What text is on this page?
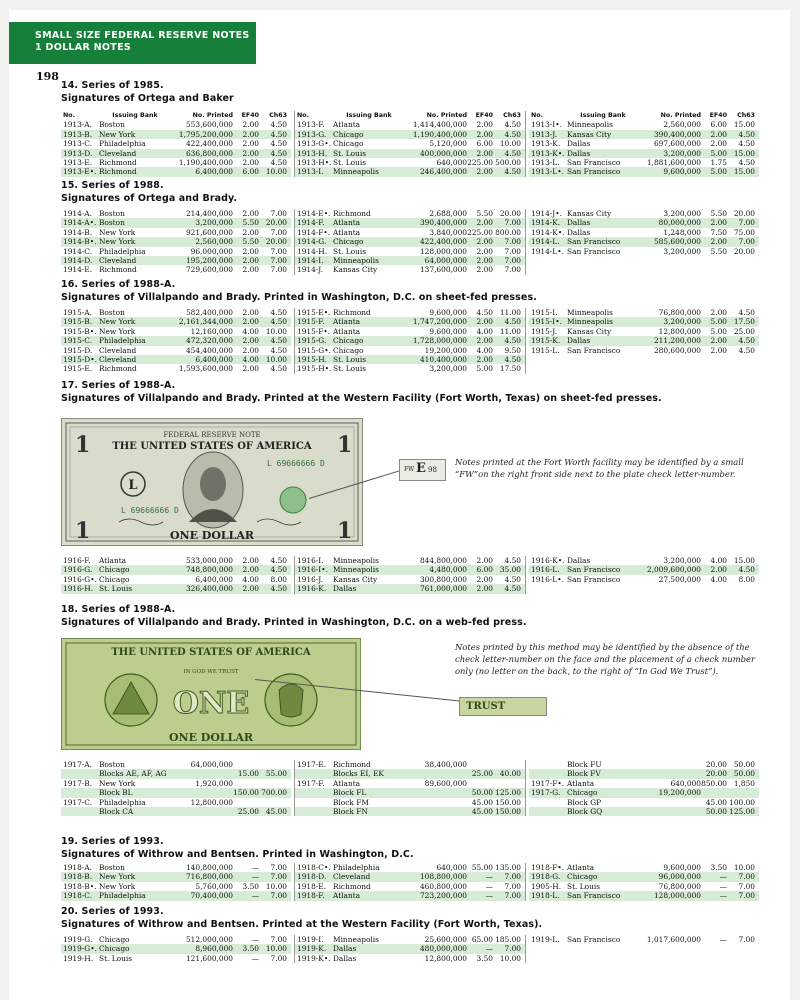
SMALL SIZE FEDERAL RESERVE NOTES
1 DOLLAR NOTES
198
14. Series of 1985.
Signatures of Ortega and Baker
No.	Issuing Bank	No. Printed	EF40	Ch63
1913-A. Boston	553,600,000	2.00	4.50
1913-B. New York	1,795,200,000	2.00	4.50
1913-C. Philadelphia	422,400,000	2.00	4.50
1913-D. Cleveland	636,800,000	2.00	4.50
1913-E. Richmond	1,190,400,000	2.00	4.50
1913-E•. Richmond	6,400,000	6.00 10.00
No.	Issuing Bank	No. Printed	EF40	Ch63
1913-F.	Atlanta	1,414,400,000	2.00	4.50
1913-G. Chicago	1,190,400,000	2.00	4.50
1913-G•. Chicago	5,120,000	6.00 10.00
1913-H. St. Louis	400,000,000	2.00	4.50
1913-H•. St. Louis	640,000 225.00 500.00
1913-I.	Minneapolis	246,400,000	2.00	4.50
No.	Issuing Bank	No. Printed	EF40	Ch63
1913-I•. Minneapolis	2,560,000	6.00 15.00
1913-J.	Kansas City	390,400,000	2.00	4.50
1913-K. Dallas	697,600,000	2.00	4.50
1913-K•. Dallas	3,200,000	5.00 15.00
1913-L.	San Francisco	1,881,600,000	1.75	4.50
1913-L•. San Francisco	9,600,000	5.00 15.00
15. Series of 1988.
Signatures of Ortega and Brady.
1914-A. Boston	214,400,000	2.00	7.00
1914-A•. Boston	3,200,000	5.50 20.00
1914-B. New York	921,600,000	2.00	7.00
1914-B•. New York	2,560,000	5.50 20.00
1914-C. Philadelphia	96,000,000	2.00	7.00
1914-D. Cleveland	195,200,000	2.00	7.00
1914-E. Richmond	729,600,000	2.00	7.00
1914-E•. Richmond	2,688,000	5.50 20.00
1914-F.	Atlanta	390,400,000	2.00	7.00
1914-F•. Atlanta	3,840,000 225.00 800.00
1914-G. Chicago	422,400,000	2.00	7.00
1914-H. St. Louis	128,000,000	2.00	7.00
1914-I.	Minneapolis	64,000,000	2.00	7.00
1914-J.	Kansas City	137,600,000	2.00	7.00
1914-J•. Kansas City	3,200,000	5.50 20.00
1914-K. Dallas	80,000,000	2.00	7.00
1914-K•. Dallas	1,248,000	7.50 75.00
1914-L.	San Francisco	585,600,000	2.00	7.00
1914-L•. San Francisco	3,200,000	5.50 20.00
16. Series of 1988-A.
Signatures of Villalpando and Brady. Printed in Washington, D.C. on sheet-fed presses.
1915-A. Boston	582,400,000	2.00	4.50
1915-B. New York	2,161,344,000	2.00	4.50
1915-B•. New York	12,160,000	4.00 10.00
1915-C. Philadelphia	472,320,000	2.00	4.50
1915-D. Cleveland	454,400,000	2.00	4.50
1915-D•. Cleveland	6,400,000	4.00 10.00
1915-E. Richmond	1,593,600,000	2.00	4.50
1915-E•. Richmond	9,600,000	4.50 11.00
1915-F.	Atlanta	1,747,200,000	2.00	4.50
1915-F•. Atlanta	9,600,000	4.00 11.00
1915-G. Chicago	1,728,000,000	2.00	4.50
1915-G•. Chicago	19,200,000	4.00	9.50
1915-H. St. Louis	410,400,000	2.00	4.50
1915-H•. St. Louis	3,200,000	5.00 17.50
1915-I.	Minneapolis	76,800,000	2.00	4.50
1915-I•. Minneapolis	3,200,000	5.00 17.50
1915-J.	Kansas City	12,800,000	5.00 25.00
1915-K. Dallas	211,200,000	2.00	4.50
1915-L.	San Francisco	280,600,000	2.00	4.50
17. Series of 1988-A.
Signatures of Villalpando and Brady. Printed at the Western Facility (Fort Worth, Texas) on sheet-fed presses.
FEDERAL RESERVE NOTE
THE UNITED STATES OF AMERICA
1	1
1	1
L
L 69666666 D
L 69666666 D
ONE DOLLAR
FW E 98
Notes printed at the Fort Worth facility may be identified by a small “FW”on the right front side next to the plate check letter-number.
1916-F.	Atlanta	533,000,000	2.00	4.50
1916-G. Chicago	748,800,000	2.00	4.50
1916-G•. Chicago	6,400,000	4.00	8.00
1916-H. St. Louis	326,400,000	2.00	4.50
1916-I.	Minneapolis	844,800,000	2.00	4.50
1916-I•. Minneapolis	4,480,000	6.00 35.00
1916-J.	Kansas City	300,800,000	2.00	4.50
1916-K. Dallas	761,000,000	2.00	4.50
1916-K•. Dallas	3,200,000	4.00 15.00
1916-L.	San Francisco	2,009,600,000	2.00	4.50
1916-L•. San Francisco	27,500,000	4.00	8.00
18. Series of 1988-A.
Signatures of Villalpando and Brady. Printed in Washington, D.C. on a web-fed press.
THE UNITED STATES OF AMERICA
IN GOD WE TRUST
ONE
ONE DOLLAR
TRUST
Notes printed by this method may be identified by the absence of the check letter-number on the face and the placement of a check number only (no letter on the back, to the right of “In God We Trust”).
1917-A. Boston	64,000,000
Blocks AE, AF, AG	15.00 55.00
1917-B. New York	1,920,000
Block BL	150.00 700.00
1917-C. Philadelphia	12,800,000
Block CA	25.00 45.00
1917-E. Richmond	38,400,000
Blocks EI, EK	25.00 40.00
1917-F.	Atlanta	89,600,000
Block FL	50.00 125.00
Block FM	45.00 150.00
Block FN	45.00 150.00
Block FU	20.00 50.00
Block FV	20.00 50.00
1917-F•. Atlanta	640,000 850.00 1,850
1917-G. Chicago	19,200,000
Block GP	45.00 100.00
Block GQ	50.00 125.00
19. Series of 1993.
Signatures of Withrow and Bentsen. Printed in Washington, D.C.
1918-A. Boston	140,800,000	—	7.00
1918-B. New York	716,800,000	—	7.00
1918-B•. New York	5,760,000	3.50 10.00
1918-C. Philadelphia	70,400,000	—	7.00
1918-C•. Philadelphia	640,000 55.00 135.00
1918-D. Cleveland	108,800,000	—	7.00
1918-E. Richmond	460,800,000	—	7.00
1918-F.	Atlanta	723,200,000	—	7.00
1918-F•. Atlanta	9,600,000	3.50 10.00
1918-G. Chicago	96,000,000	—	7.00
1905-H. St. Louis	76,800,000	—	7.00
1918-L.	San Francisco	128,000,000	—	7.00
20. Series of 1993.
Signatures of Withrow and Bentsen. Printed at the Western Facility (Fort Worth, Texas).
1919-G. Chicago	512,000,000	—	7.00
1919-G•. Chicago	8,960,000	3.50 10.00
1919-H. St. Louis	121,600,000	—	7.00
1919-I.	Minneapolis	25,600,000 65.00 185.00
1919-K. Dallas	480,000,000	—	7.00
1919-K•. Dallas	12,800,000	3.50 10.00
1919-L.	San Francisco	1,017,600,000	—	7.00
